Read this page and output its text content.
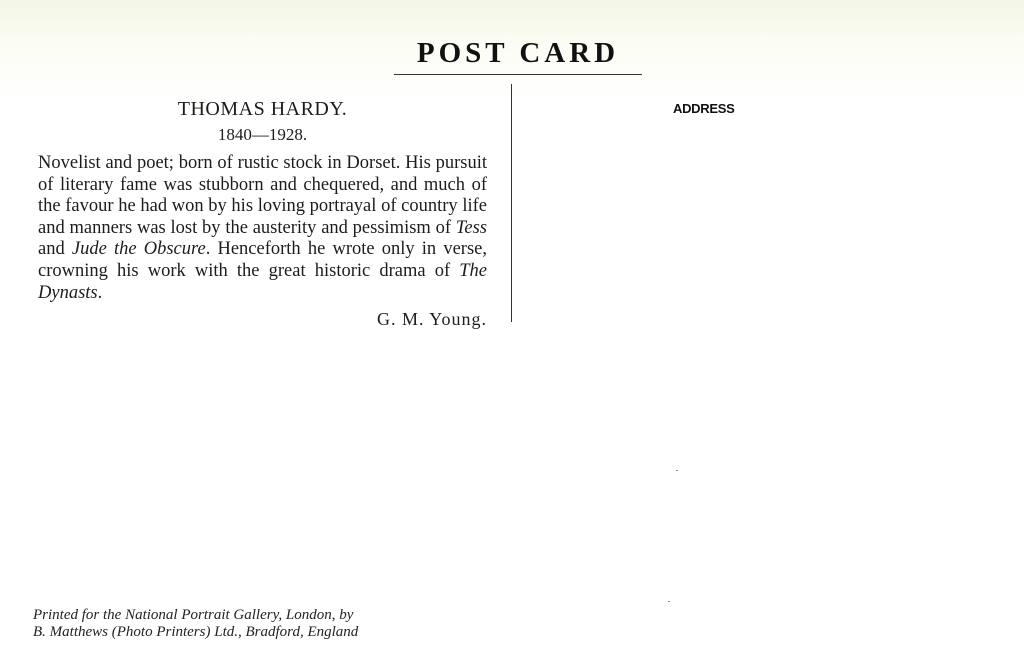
POST CARD
ADDRESS
THOMAS HARDY.
1840—1928.
Novelist and poet; born of rustic stock in Dorset. His pursuit of literary fame was stubborn and chequered, and much of the favour he had won by his loving portrayal of country life and manners was lost by the austerity and pessimism of Tess and Jude the Obscure. Henceforth he wrote only in verse, crowning his work with the great historic drama of The Dynasts.
G. M. Young.
Printed for the National Portrait Gallery, London, by
B. Matthews (Photo Printers) Ltd., Bradford, England
